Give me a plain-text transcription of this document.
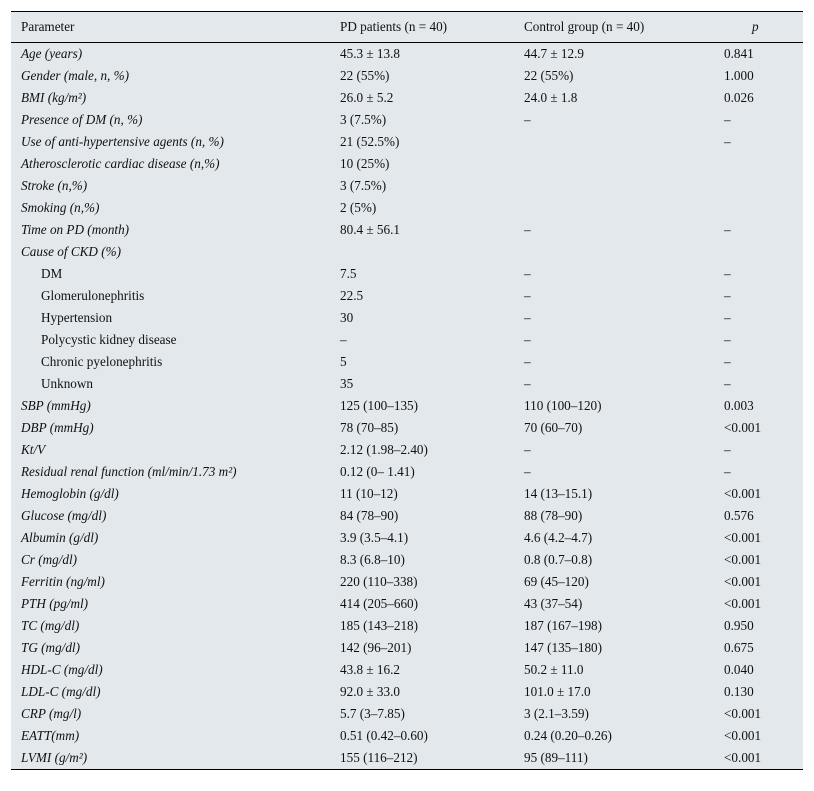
Parameter	PD patients (n = 40)	Control group (n = 40)	p
Age (years)	45.3 ± 13.8	44.7 ± 12.9	0.841
Gender (male, n, %)	22 (55%)	22 (55%)	1.000
BMI (kg/m²)	26.0 ± 5.2	24.0 ± 1.8	0.026
Presence of DM (n, %)	3 (7.5%)	–	–
Use of anti-hypertensive agents (n, %)	21 (52.5%)		–
Atherosclerotic cardiac disease (n,%)	10 (25%)		
Stroke (n,%)	3 (7.5%)		
Smoking (n,%)	2 (5%)		
Time on PD (month)	80.4 ± 56.1	–	–
Cause of CKD (%)			
DM	7.5	–	–
Glomerulonephritis	22.5	–	–
Hypertension	30	–	–
Polycystic kidney disease	–	–	–
Chronic pyelonephritis	5	–	–
Unknown	35	–	–
SBP (mmHg)	125 (100–135)	110 (100–120)	0.003
DBP (mmHg)	78 (70–85)	70 (60–70)	<0.001
Kt/V	2.12 (1.98–2.40)	–	–
Residual renal function (ml/min/1.73 m²)	0.12 (0– 1.41)	–	–
Hemoglobin (g/dl)	11 (10–12)	14 (13–15.1)	<0.001
Glucose (mg/dl)	84 (78–90)	88 (78–90)	0.576
Albumin (g/dl)	3.9 (3.5–4.1)	4.6 (4.2–4.7)	<0.001
Cr (mg/dl)	8.3 (6.8–10)	0.8 (0.7–0.8)	<0.001
Ferritin (ng/ml)	220 (110–338)	69 (45–120)	<0.001
PTH (pg/ml)	414 (205–660)	43 (37–54)	<0.001
TC (mg/dl)	185 (143–218)	187 (167–198)	0.950
TG (mg/dl)	142 (96–201)	147 (135–180)	0.675
HDL-C (mg/dl)	43.8 ± 16.2	50.2 ± 11.0	0.040
LDL-C (mg/dl)	92.0 ± 33.0	101.0 ± 17.0	0.130
CRP (mg/l)	5.7 (3–7.85)	3 (2.1–3.59)	<0.001
EATT(mm)	0.51 (0.42–0.60)	0.24 (0.20–0.26)	<0.001
LVMI (g/m²)	155 (116–212)	95 (89–111)	<0.001
